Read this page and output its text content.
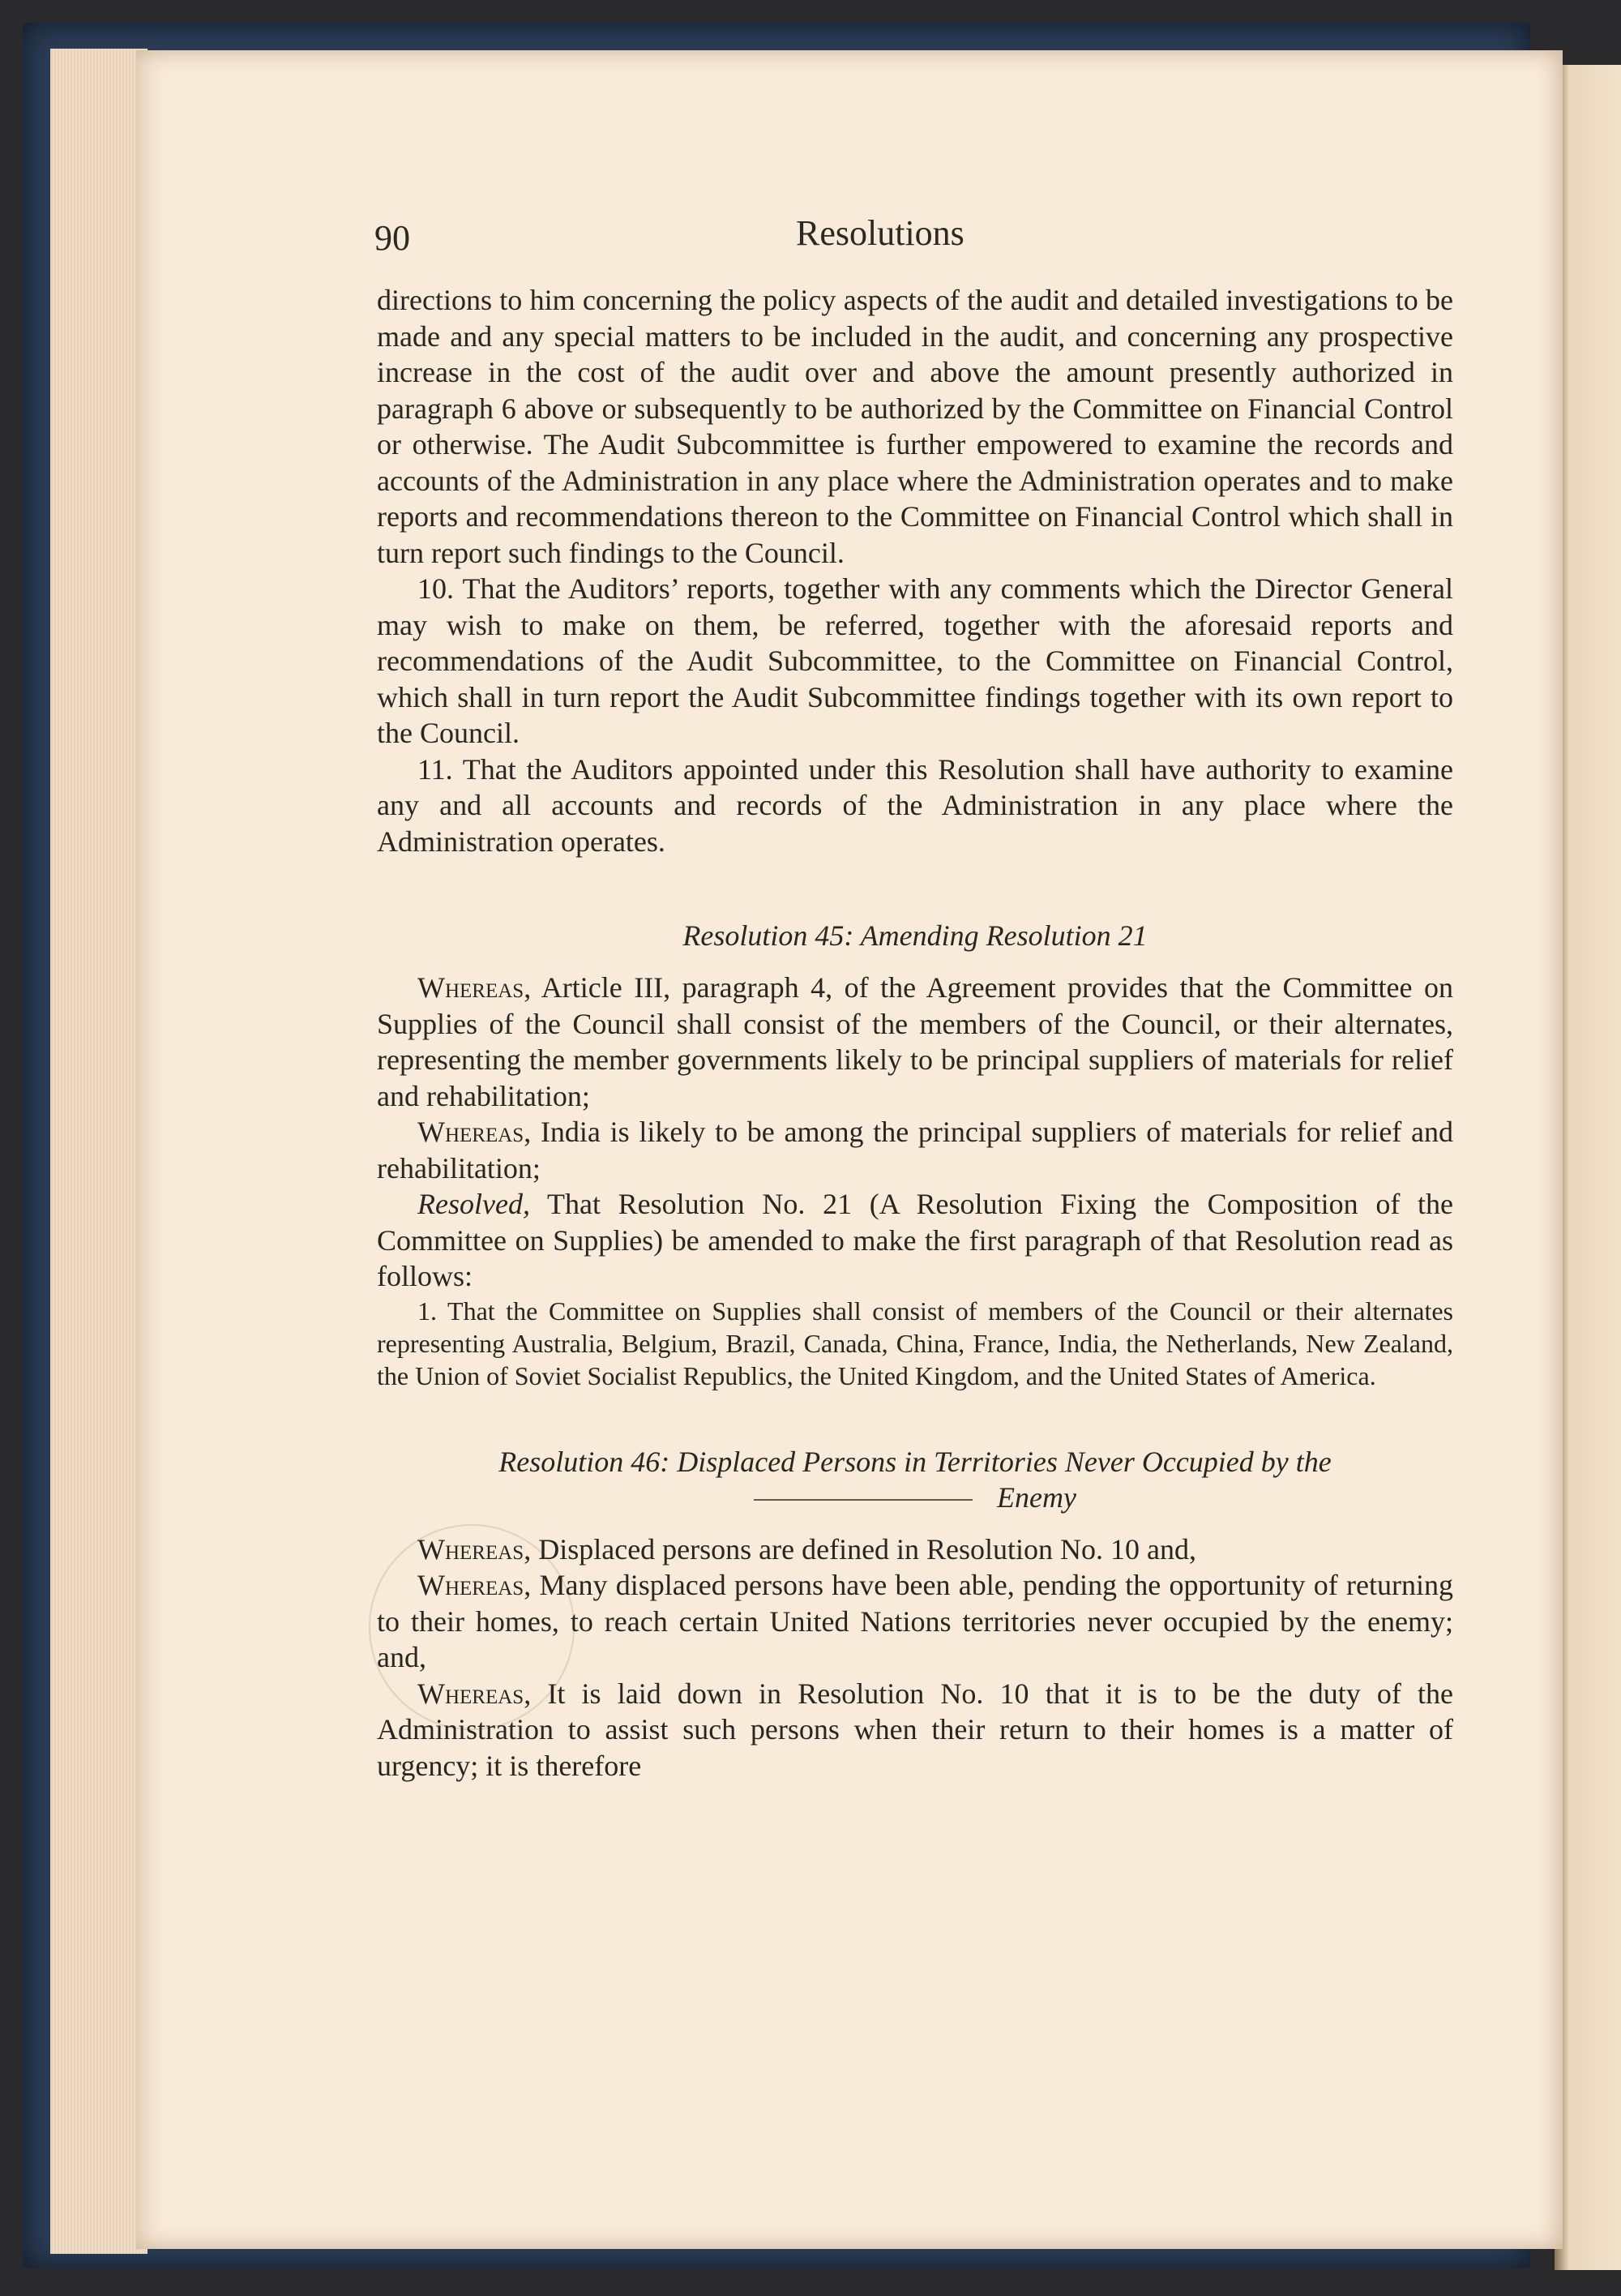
90	Resolutions

directions to him concerning the policy aspects of the audit and detailed investigations to be made and any special matters to be included in the audit, and concerning any prospective increase in the cost of the audit over and above the amount presently authorized in paragraph 6 above or subsequently to be authorized by the Committee on Financial Control or otherwise. The Audit Subcommittee is further empowered to examine the records and accounts of the Administration in any place where the Administration operates and to make reports and recommendations thereon to the Committee on Financial Control which shall in turn report such findings to the Council.

10. That the Auditors’ reports, together with any comments which the Director General may wish to make on them, be referred, together with the aforesaid reports and recommendations of the Audit Subcommittee, to the Committee on Financial Control, which shall in turn report the Audit Subcommittee findings together with its own report to the Council.

11. That the Auditors appointed under this Resolution shall have authority to examine any and all accounts and records of the Administration in any place where the Administration operates.

Resolution 45: Amending Resolution 21

Whereas, Article III, paragraph 4, of the Agreement provides that the Committee on Supplies of the Council shall consist of the members of the Council, or their alternates, representing the member governments likely to be principal suppliers of materials for relief and rehabilitation;

Whereas, India is likely to be among the principal suppliers of materials for relief and rehabilitation;

Resolved, That Resolution No. 21 (A Resolution Fixing the Composition of the Committee on Supplies) be amended to make the first paragraph of that Resolution read as follows:

1. That the Committee on Supplies shall consist of members of the Council or their alternates representing Australia, Belgium, Brazil, Canada, China, France, India, the Netherlands, New Zealand, the Union of Soviet Socialist Republics, the United Kingdom, and the United States of America.

Resolution 46: Displaced Persons in Territories Never Occupied by the
Enemy

Whereas, Displaced persons are defined in Resolution No. 10 and,

Whereas, Many displaced persons have been able, pending the opportunity of returning to their homes, to reach certain United Nations territories never occupied by the enemy; and,

Whereas, It is laid down in Resolution No. 10 that it is to be the duty of the Administration to assist such persons when their return to their homes is a matter of urgency; it is therefore
